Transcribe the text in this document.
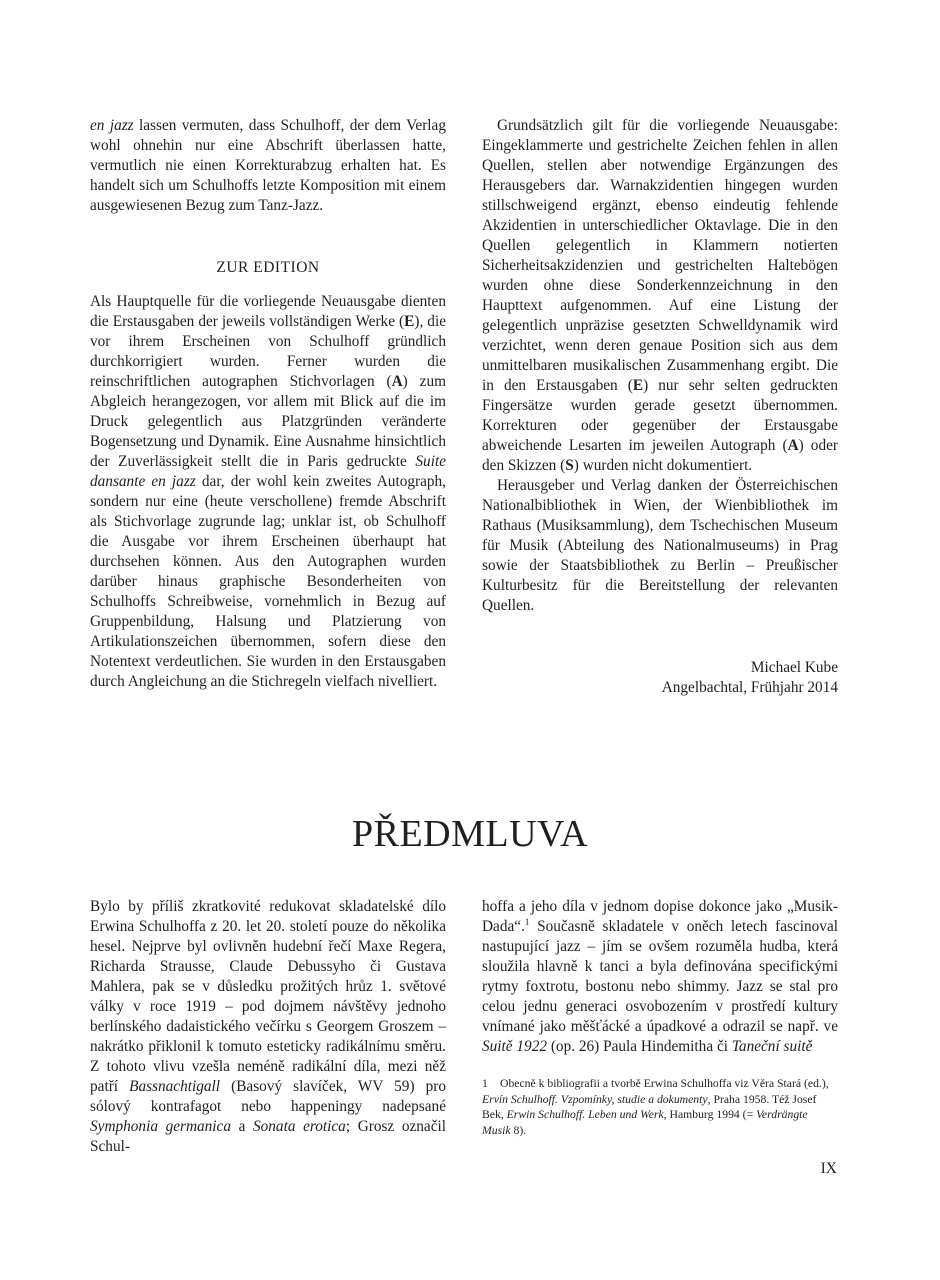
en jazz lassen vermuten, dass Schulhoff, der dem Verlag wohl ohnehin nur eine Abschrift überlassen hatte, vermutlich nie einen Korrekturabzug erhalten hat. Es handelt sich um Schulhoffs letzte Komposition mit einem ausgewiesenen Bezug zum Tanz-Jazz.

ZUR EDITION

Als Hauptquelle für die vorliegende Neuausgabe dienten die Erstausgaben der jeweils vollständigen Werke (E), die vor ihrem Erscheinen von Schulhoff gründlich durchkorrigiert wurden. Ferner wurden die reinschriftlichen autographen Stichvorlagen (A) zum Abgleich herangezogen, vor allem mit Blick auf die im Druck gelegentlich aus Platzgründen veränderte Bogensetzung und Dynamik. Eine Ausnahme hinsichtlich der Zuverlässigkeit stellt die in Paris gedruckte Suite dansante en jazz dar, der wohl kein zweites Autograph, sondern nur eine (heute verschollene) fremde Abschrift als Stichvorlage zugrunde lag; unklar ist, ob Schulhoff die Ausgabe vor ihrem Erscheinen überhaupt hat durchsehen können. Aus den Autographen wurden darüber hinaus graphische Besonderheiten von Schulhoffs Schreibweise, vornehmlich in Bezug auf Gruppenbildung, Halsung und Platzierung von Artikulationszeichen übernommen, sofern diese den Notentext verdeutlichen. Sie wurden in den Erstausgaben durch Angleichung an die Stichregeln vielfach nivelliert.

Grundsätzlich gilt für die vorliegende Neuausgabe: Eingeklammerte und gestrichelte Zeichen fehlen in allen Quellen, stellen aber notwendige Ergänzungen des Herausgebers dar. Warnakzidentien hingegen wurden stillschweigend ergänzt, ebenso eindeutig fehlende Akzidentien in unterschiedlicher Oktavlage. Die in den Quellen gelegentlich in Klammern notierten Sicherheitsakzidenzien und gestrichelten Haltebögen wurden ohne diese Sonderkennzeichnung in den Haupttext aufgenommen. Auf eine Listung der gelegentlich unpräzise gesetzten Schwelldynamik wird verzichtet, wenn deren genaue Position sich aus dem unmittelbaren musikalischen Zusammenhang ergibt. Die in den Erstausgaben (E) nur sehr selten gedruckten Fingersätze wurden gerade gesetzt übernommen. Korrekturen oder gegenüber der Erstausgabe abweichende Lesarten im jeweilen Autograph (A) oder den Skizzen (S) wurden nicht dokumentiert.

Herausgeber und Verlag danken der Österreichischen Nationalbibliothek in Wien, der Wienbibliothek im Rathaus (Musiksammlung), dem Tschechischen Museum für Musik (Abteilung des Nationalmuseums) in Prag sowie der Staatsbibliothek zu Berlin – Preußischer Kulturbesitz für die Bereitstellung der relevanten Quellen.

Michael Kube
Angelbachtal, Frühjahr 2014
PŘEDMLUVA

Bylo by příliš zkratkovité redukovat skladatelské dílo Erwina Schulhoffa z 20. let 20. století pouze do několika hesel. Nejprve byl ovlivněn hudební řečí Maxe Regera, Richarda Strausse, Claude Debussyho či Gustava Mahlera, pak se v důsledku prožitých hrůz 1. světové války v roce 1919 – pod dojmem návštěvy jednoho berlínského dadaistického večírku s Georgem Groszem – nakrátko přiklonil k tomuto esteticky radikálnímu směru. Z tohoto vlivu vzešla neméně radikální díla, mezi něž patří Bassnachtigall (Basový slavíček, WV 59) pro sólový kontrafagot nebo happeningy nadepsané Symphonia germanica a Sonata erotica; Grosz označil Schul-

hoffa a jeho díla v jednom dopise dokonce jako „Musik-Dada“.$^1$ Současně skladatele v oněch letech fascinoval nastupující jazz – jím se ovšem rozuměla hudba, která sloužila hlavně k tanci a byla definována specifickými rytmy foxtrotu, bostonu nebo shimmy. Jazz se stal pro celou jednu generaci osvobozením v prostředí kultury vnímané jako měšťácké a úpadkové a odrazil se např. ve Suitě 1922 (op. 26) Paula Hindemitha či Taneční suitě

1 Obecně k bibliografii a tvorbě Erwina Schulhoffa viz Věra Stará (ed.), Ervín Schulhoff. Vzpomínky, studie a dokumenty, Praha 1958. Též Josef Bek, Erwin Schulhoff. Leben und Werk, Hamburg 1994 (= Verdrängte Musik 8).
IX
